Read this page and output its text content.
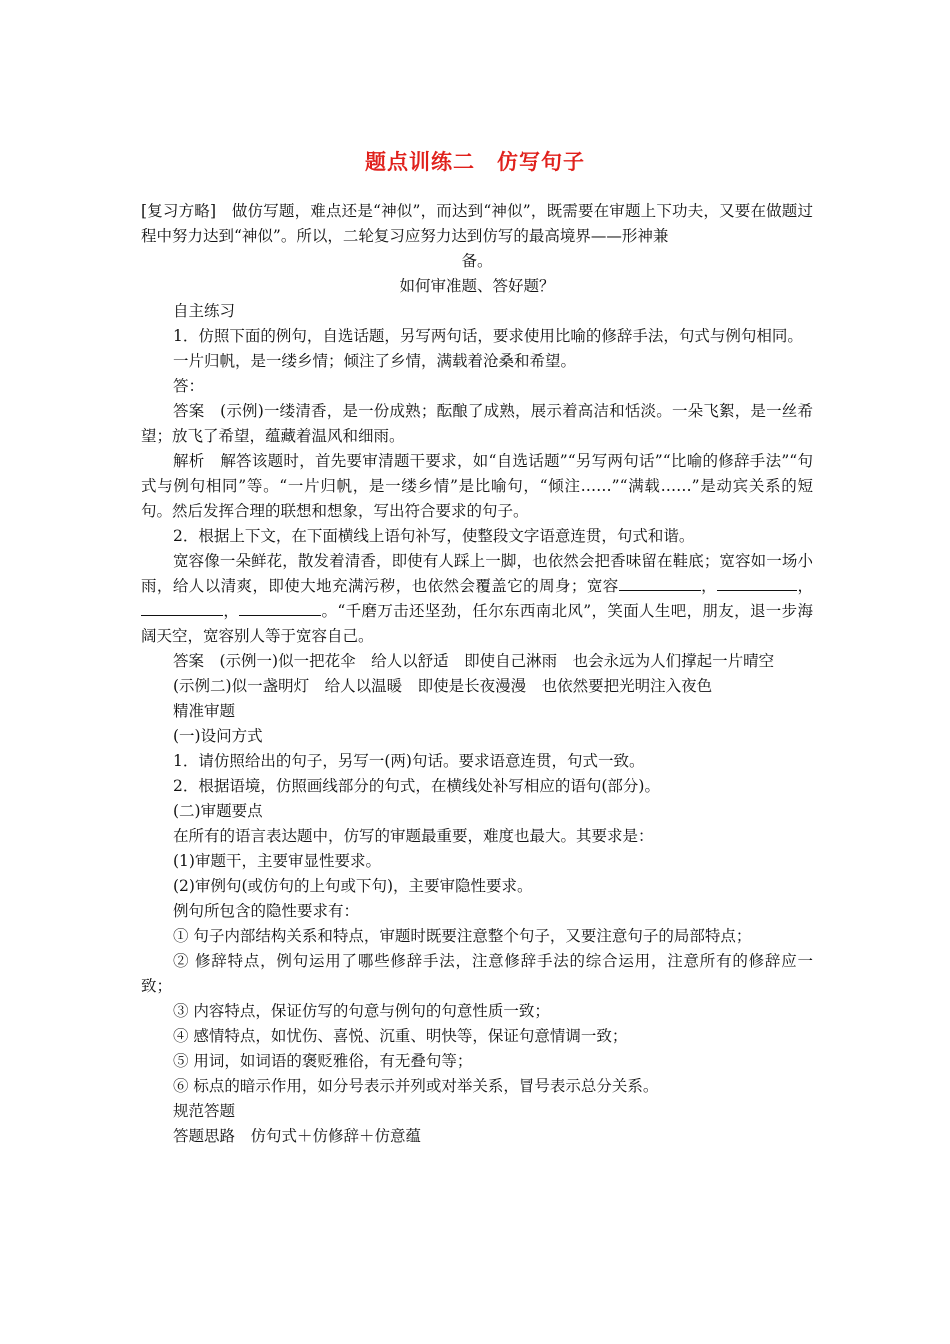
题点训练二　仿写句子

[复习方略]　做仿写题，难点还是“神似”，而达到“神似”，既需要在审题上下功夫，又要在做题过程中努力达到“神似”。所以，二轮复习应努力达到仿写的最高境界——形神兼

备。

如何审准题、答好题？

自主练习

1．仿照下面的例句，自选话题，另写两句话，要求使用比喻的修辞手法，句式与例句相同。

一片归帆，是一缕乡情；倾注了乡情，满载着沧桑和希望。

答：

答案　(示例)一缕清香，是一份成熟；酝酿了成熟，展示着高洁和恬淡。一朵飞絮，是一丝希望；放飞了希望，蕴藏着温风和细雨。

解析　解答该题时，首先要审清题干要求，如“自选话题”“另写两句话”“比喻的修辞手法”“句式与例句相同”等。“一片归帆，是一缕乡情”是比喻句，“倾注……”“满载……”是动宾关系的短句。然后发挥合理的联想和想象，写出符合要求的句子。

2．根据上下文，在下面横线上语句补写，使整段文字语意连贯，句式和谐。

宽容像一朵鲜花，散发着清香，即使有人踩上一脚，也依然会把香味留在鞋底；宽容如一场小雨，给人以清爽，即使大地充满污秽，也依然会覆盖它的周身；宽容	，	，，	。“千磨万击还坚劲，任尔东西南北风”，笑面人生吧，朋友，退一步海阔天空，宽容别人等于宽容自己。

答案　(示例一)似一把花伞　给人以舒适　即使自己淋雨　也会永远为人们撑起一片晴空

(示例二)似一盏明灯　给人以温暖　即使是长夜漫漫　也依然要把光明注入夜色

精准审题

(一)设问方式

1．请仿照给出的句子，另写一(两)句话。要求语意连贯，句式一致。

2．根据语境，仿照画线部分的句式，在横线处补写相应的语句(部分)。

(二)审题要点

在所有的语言表达题中，仿写的审题最重要，难度也最大。其要求是：

(1)审题干，主要审显性要求。

(2)审例句(或仿句的上句或下句)，主要审隐性要求。

例句所包含的隐性要求有：

① 句子内部结构关系和特点，审题时既要注意整个句子，又要注意句子的局部特点；

② 修辞特点，例句运用了哪些修辞手法，注意修辞手法的综合运用，注意所有的修辞应一致；

③ 内容特点，保证仿写的句意与例句的句意性质一致；

④ 感情特点，如忧伤、喜悦、沉重、明快等，保证句意情调一致；

⑤ 用词，如词语的褒贬雅俗，有无叠句等；

⑥ 标点的暗示作用，如分号表示并列或对举关系，冒号表示总分关系。

规范答题

答题思路　仿句式＋仿修辞＋仿意蕴
